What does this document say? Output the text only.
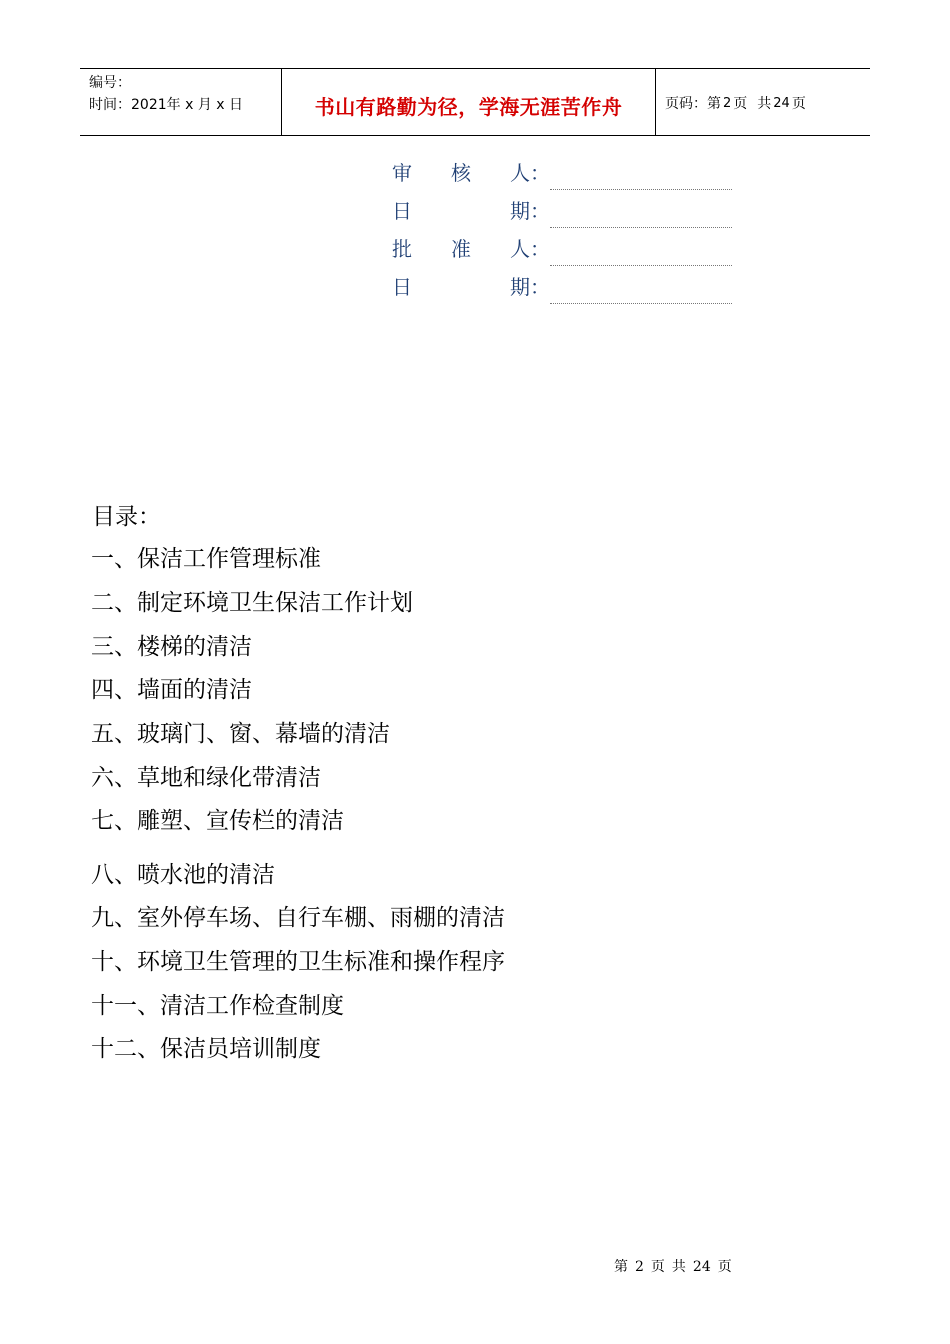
编号：
时间：2021年 x 月 x 日	书山有路勤为径，学海无涯苦作舟	页码：第 2 页 共 24 页
审 核 人：
日	期：
批 准 人：
日	期：
目录：
一、保洁工作管理标准
二、制定环境卫生保洁工作计划
三、楼梯的清洁
四、墙面的清洁
五、玻璃门、窗、幕墙的清洁
六、草地和绿化带清洁
七、雕塑、宣传栏的清洁
八、喷水池的清洁
九、室外停车场、自行车棚、雨棚的清洁
十、环境卫生管理的卫生标准和操作程序
十一、清洁工作检查制度
十二、保洁员培训制度
第 2 页 共 24 页
